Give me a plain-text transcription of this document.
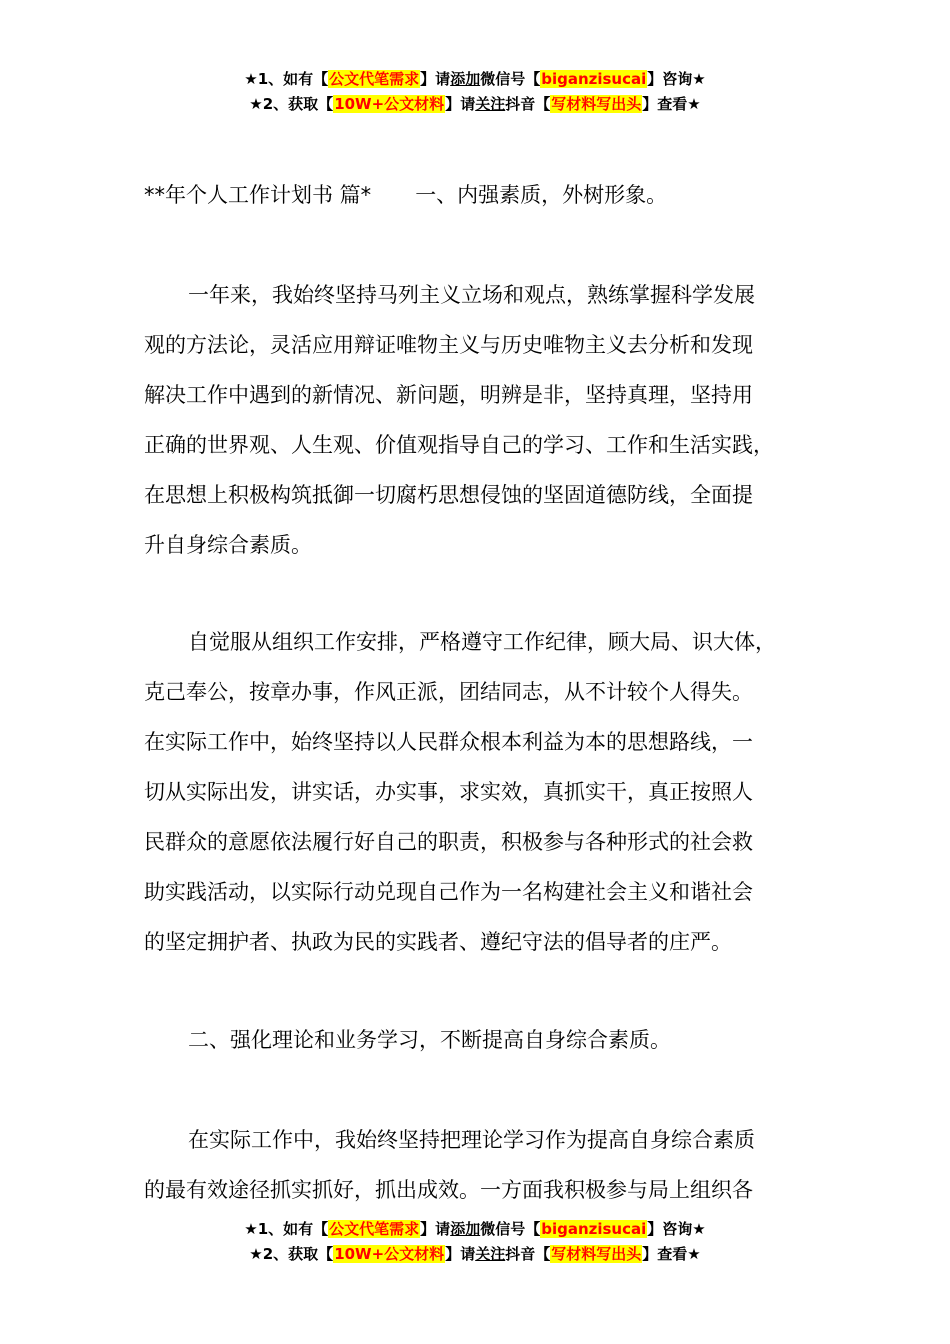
★1、如有【公文代笔需求】请添加微信号【biganzisucai】咨询★
★2、获取【10W+公文材料】请关注抖音【写材料写出头】查看★
**年个人工作计划书 篇* 一、内强素质，外树形象。
一年来，我始终坚持马列主义立场和观点，熟练掌握科学发展
观的方法论，灵活应用辩证唯物主义与历史唯物主义去分析和发现
解决工作中遇到的新情况、新问题，明辨是非，坚持真理，坚持用
正确的世界观、人生观、价值观指导自己的学习、工作和生活实践，
在思想上积极构筑抵御一切腐朽思想侵蚀的坚固道德防线，全面提
升自身综合素质。
自觉服从组织工作安排，严格遵守工作纪律，顾大局、识大体，
克己奉公，按章办事，作风正派，团结同志，从不计较个人得失。
在实际工作中，始终坚持以人民群众根本利益为本的思想路线，一
切从实际出发，讲实话，办实事，求实效，真抓实干，真正按照人
民群众的意愿依法履行好自己的职责，积极参与各种形式的社会救
助实践活动，以实际行动兑现自己作为一名构建社会主义和谐社会
的坚定拥护者、执政为民的实践者、遵纪守法的倡导者的庄严。
二、强化理论和业务学习，不断提高自身综合素质。
在实际工作中，我始终坚持把理论学习作为提高自身综合素质
的最有效途径抓实抓好，抓出成效。一方面我积极参与局上组织各
★1、如有【公文代笔需求】请添加微信号【biganzisucai】咨询★
★2、获取【10W+公文材料】请关注抖音【写材料写出头】查看★
